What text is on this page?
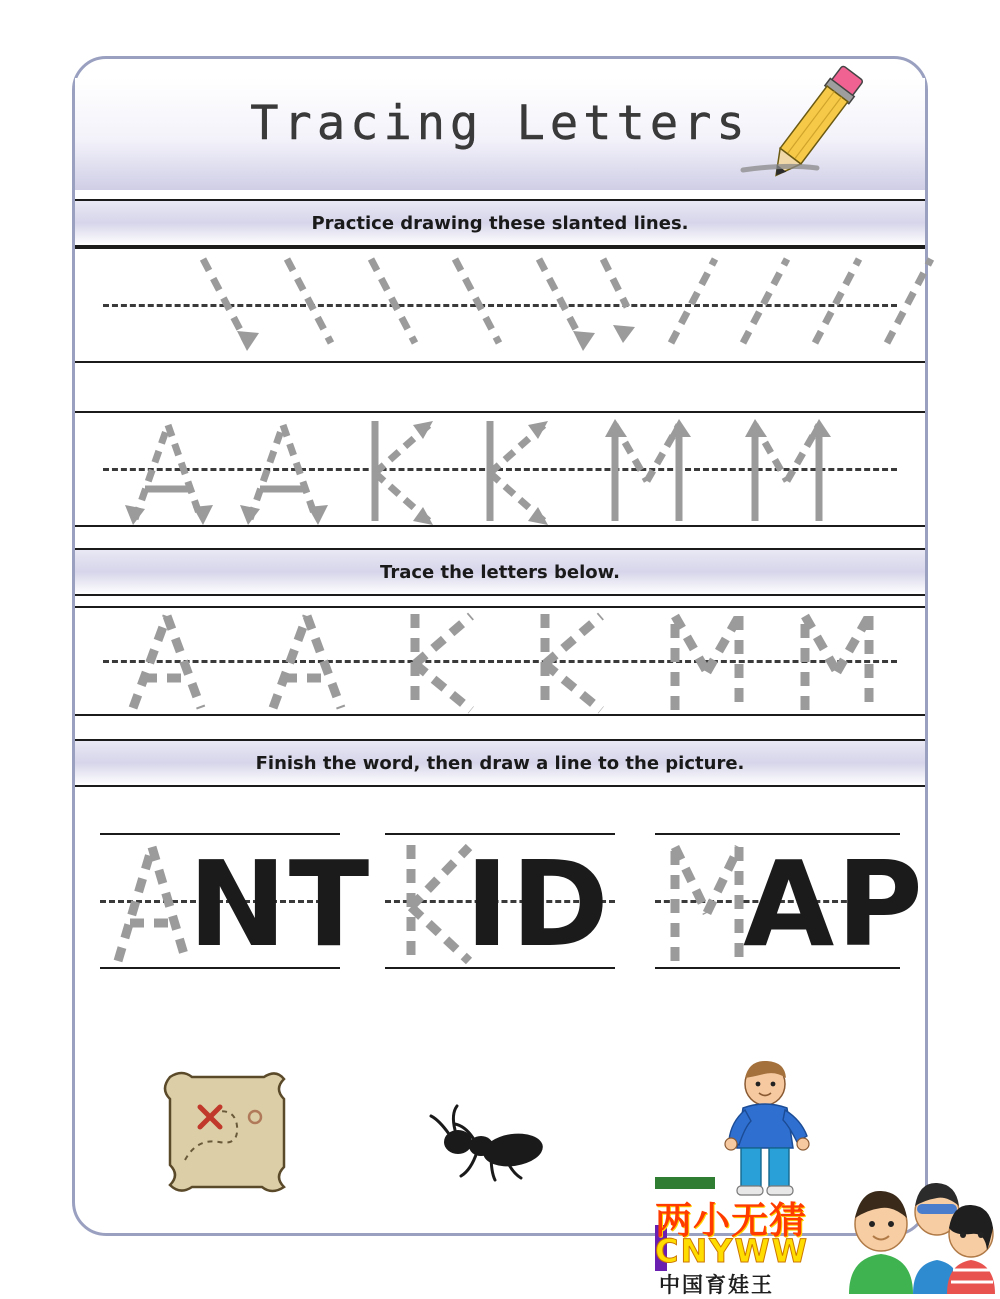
Tracing Letters
Practice drawing these slanted lines.
Trace the letters below.
Finish the word, then draw a line to the picture.
NT ID AP
两小无猜
CNYWW
中国育娃王
